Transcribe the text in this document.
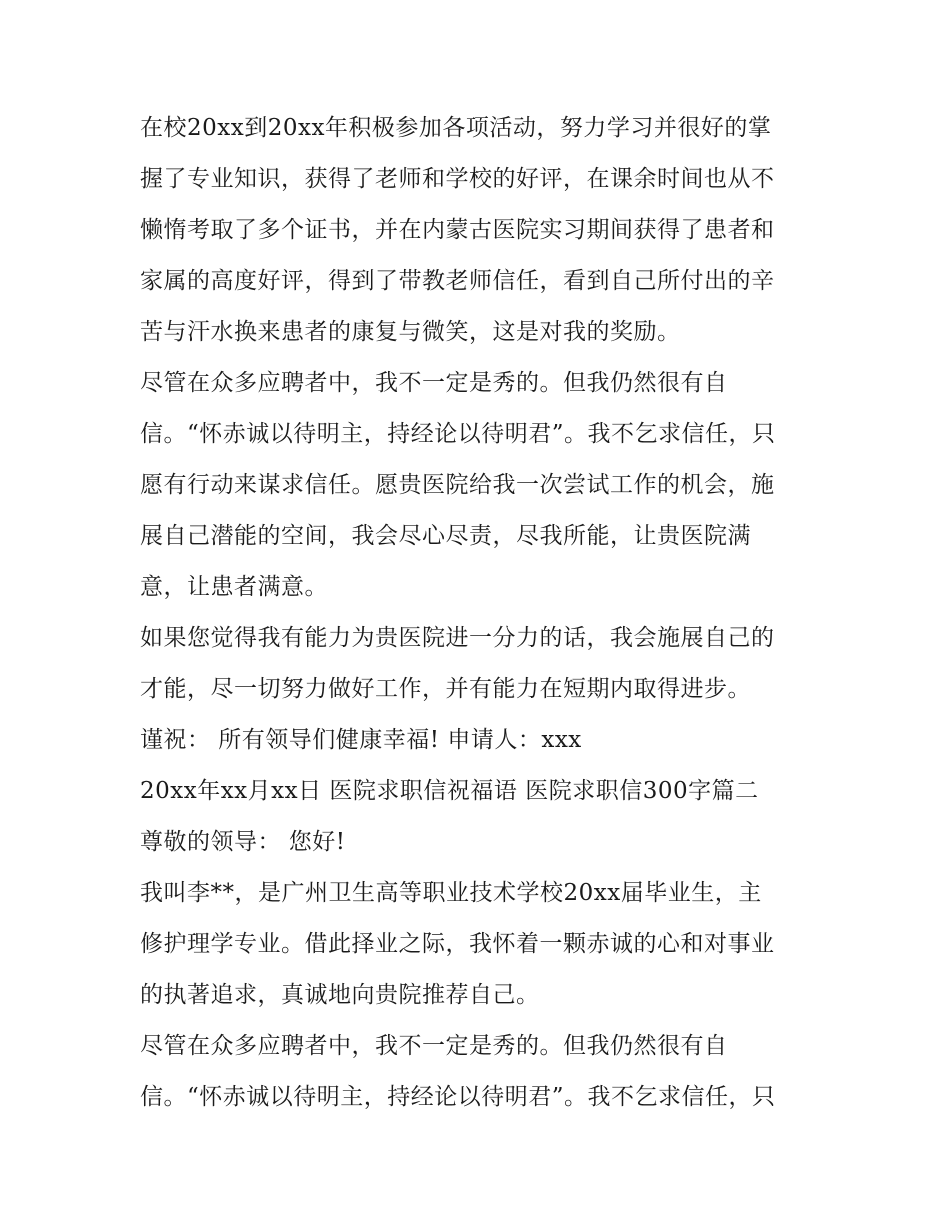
在校20xx到20xx年积极参加各项活动，努力学习并很好的掌
握了专业知识，获得了老师和学校的好评，在课余时间也从不
懒惰考取了多个证书，并在内蒙古医院实习期间获得了患者和
家属的高度好评，得到了带教老师信任，看到自己所付出的辛
苦与汗水换来患者的康复与微笑，这是对我的奖励。
尽管在众多应聘者中，我不一定是秀的。但我仍然很有自
信。“怀赤诚以待明主，持经论以待明君”。我不乞求信任，只
愿有行动来谋求信任。愿贵医院给我一次尝试工作的机会，施
展自己潜能的空间，我会尽心尽责，尽我所能，让贵医院满
意，让患者满意。
如果您觉得我有能力为贵医院进一分力的话，我会施展自己的
才能，尽一切努力做好工作，并有能力在短期内取得进步。
谨祝： 所有领导们健康幸福! 申请人：xxx
20xx年xx月xx日 医院求职信祝福语 医院求职信300字篇二
尊敬的领导： 您好!
我叫李**，是广州卫生高等职业技术学校20xx届毕业生，主
修护理学专业。借此择业之际，我怀着一颗赤诚的心和对事业
的执著追求，真诚地向贵院推荐自己。
尽管在众多应聘者中，我不一定是秀的。但我仍然很有自
信。“怀赤诚以待明主，持经论以待明君”。我不乞求信任，只
